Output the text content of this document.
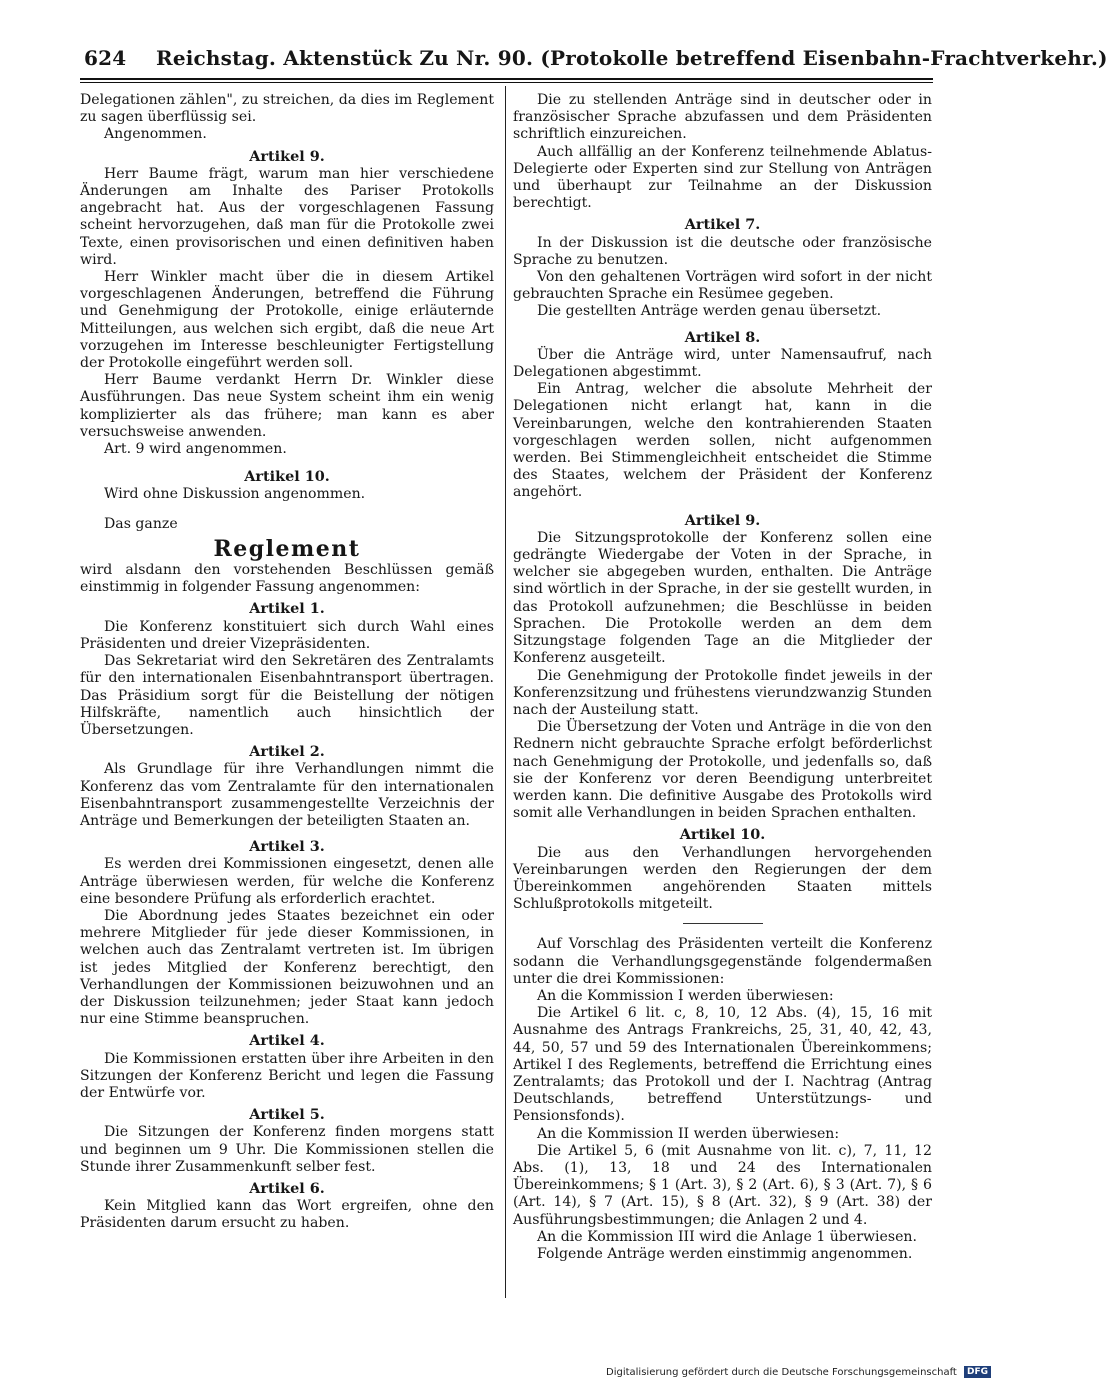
624 Reichstag. Aktenstück Zu Nr. 90. (Protokolle betreffend Eisenbahn-Frachtverkehr.)

Delegationen zählen", zu streichen, da dies im Reglement zu sagen überflüssig sei.

Angenommen.

Artikel 9.

Herr Baume frägt, warum man hier verschiedene Änderungen am Inhalte des Pariser Protokolls angebracht hat. Aus der vorgeschlagenen Fassung scheint hervorzugehen, daß man für die Protokolle zwei Texte, einen provisorischen und einen definitiven haben wird.

Herr Winkler macht über die in diesem Artikel vorgeschlagenen Änderungen, betreffend die Führung und Genehmigung der Protokolle, einige erläuternde Mitteilungen, aus welchen sich ergibt, daß die neue Art vorzugehen im Interesse beschleunigter Fertigstellung der Protokolle eingeführt werden soll.

Herr Baume verdankt Herrn Dr. Winkler diese Ausführungen. Das neue System scheint ihm ein wenig komplizierter als das frühere; man kann es aber versuchsweise anwenden.

Art. 9 wird angenommen.

Artikel 10.

Wird ohne Diskussion angenommen.

Das ganze

Reglement

wird alsdann den vorstehenden Beschlüssen gemäß einstimmig in folgender Fassung angenommen:

Artikel 1.

Die Konferenz konstituiert sich durch Wahl eines Präsidenten und dreier Vizepräsidenten.

Das Sekretariat wird den Sekretären des Zentralamts für den internationalen Eisenbahntransport übertragen. Das Präsidium sorgt für die Beistellung der nötigen Hilfskräfte, namentlich auch hinsichtlich der Übersetzungen.

Artikel 2.

Als Grundlage für ihre Verhandlungen nimmt die Konferenz das vom Zentralamte für den internationalen Eisenbahntransport zusammengestellte Verzeichnis der Anträge und Bemerkungen der beteiligten Staaten an.

Artikel 3.

Es werden drei Kommissionen eingesetzt, denen alle Anträge überwiesen werden, für welche die Konferenz eine besondere Prüfung als erforderlich erachtet.

Die Abordnung jedes Staates bezeichnet ein oder mehrere Mitglieder für jede dieser Kommissionen, in welchen auch das Zentralamt vertreten ist. Im übrigen ist jedes Mitglied der Konferenz berechtigt, den Verhandlungen der Kommissionen beizuwohnen und an der Diskussion teilzunehmen; jeder Staat kann jedoch nur eine Stimme beanspruchen.

Artikel 4.

Die Kommissionen erstatten über ihre Arbeiten in den Sitzungen der Konferenz Bericht und legen die Fassung der Entwürfe vor.

Artikel 5.

Die Sitzungen der Konferenz finden morgens statt und beginnen um 9 Uhr. Die Kommissionen stellen die Stunde ihrer Zusammenkunft selber fest.

Artikel 6.

Kein Mitglied kann das Wort ergreifen, ohne den Präsidenten darum ersucht zu haben.

Die zu stellenden Anträge sind in deutscher oder in französischer Sprache abzufassen und dem Präsidenten schriftlich einzureichen.

Auch allfällig an der Konferenz teilnehmende Ablatus-Delegierte oder Experten sind zur Stellung von Anträgen und überhaupt zur Teilnahme an der Diskussion berechtigt.

Artikel 7.

In der Diskussion ist die deutsche oder französische Sprache zu benutzen.

Von den gehaltenen Vorträgen wird sofort in der nicht gebrauchten Sprache ein Resümee gegeben.

Die gestellten Anträge werden genau übersetzt.

Artikel 8.

Über die Anträge wird, unter Namensaufruf, nach Delegationen abgestimmt.

Ein Antrag, welcher die absolute Mehrheit der Delegationen nicht erlangt hat, kann in die Vereinbarungen, welche den kontrahierenden Staaten vorgeschlagen werden sollen, nicht aufgenommen werden. Bei Stimmengleichheit entscheidet die Stimme des Staates, welchem der Präsident der Konferenz angehört.

Artikel 9.

Die Sitzungsprotokolle der Konferenz sollen eine gedrängte Wiedergabe der Voten in der Sprache, in welcher sie abgegeben wurden, enthalten. Die Anträge sind wörtlich in der Sprache, in der sie gestellt wurden, in das Protokoll aufzunehmen; die Beschlüsse in beiden Sprachen. Die Protokolle werden an dem dem Sitzungstage folgenden Tage an die Mitglieder der Konferenz ausgeteilt.

Die Genehmigung der Protokolle findet jeweils in der Konferenzsitzung und frühestens vierundzwanzig Stunden nach der Austeilung statt.

Die Übersetzung der Voten und Anträge in die von den Rednern nicht gebrauchte Sprache erfolgt beförderlichst nach Genehmigung der Protokolle, und jedenfalls so, daß sie der Konferenz vor deren Beendigung unterbreitet werden kann. Die definitive Ausgabe des Protokolls wird somit alle Verhandlungen in beiden Sprachen enthalten.

Artikel 10.

Die aus den Verhandlungen hervorgehenden Vereinbarungen werden den Regierungen der dem Übereinkommen angehörenden Staaten mittels Schlußprotokolls mitgeteilt.

Auf Vorschlag des Präsidenten verteilt die Konferenz sodann die Verhandlungsgegenstände folgendermaßen unter die drei Kommissionen:

An die Kommission I werden überwiesen:

Die Artikel 6 lit. c, 8, 10, 12 Abs. (4), 15, 16 mit Ausnahme des Antrags Frankreichs, 25, 31, 40, 42, 43, 44, 50, 57 und 59 des Internationalen Übereinkommens; Artikel I des Reglements, betreffend die Errichtung eines Zentralamts; das Protokoll und der I. Nachtrag (Antrag Deutschlands, betreffend Unterstützungs- und Pensionsfonds).

An die Kommission II werden überwiesen:

Die Artikel 5, 6 (mit Ausnahme von lit. c), 7, 11, 12 Abs. (1), 13, 18 und 24 des Internationalen Übereinkommens; § 1 (Art. 3), § 2 (Art. 6), § 3 (Art. 7), § 6 (Art. 14), § 7 (Art. 15), § 8 (Art. 32), § 9 (Art. 38) der Ausführungsbestimmungen; die Anlagen 2 und 4.

An die Kommission III wird die Anlage 1 überwiesen.

Folgende Anträge werden einstimmig angenommen.

Digitalisierung gefördert durch die Deutsche Forschungsgemeinschaft DFG
